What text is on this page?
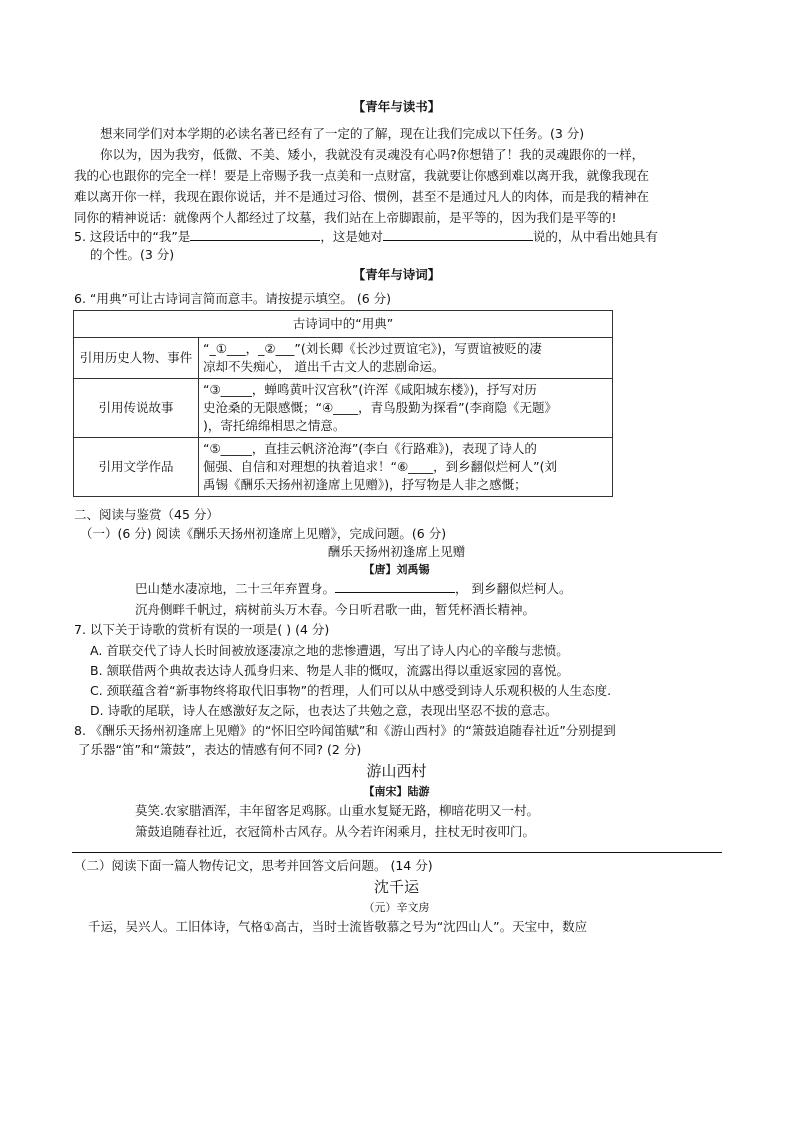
【青年与读书】
想来同学们对本学期的必读名著已经有了一定的了解，现在让我们完成以下任务。(3 分)
你以为，因为我穷，低微、不美、矮小，我就没有灵魂没有心吗?你想错了！我的灵魂跟你的一样，
我的心也跟你的完全一样！要是上帝赐予我一点美和一点财富，我就要让你感到难以离开我，就像我现在
难以离开你一样，我现在跟你说话，并不是通过习俗、惯例，甚至不是通过凡人的肉体，而是我的精神在
同你的精神说话：就像两个人都经过了坟墓，我们站在上帝脚跟前，是平等的，因为我们是平等的!
5. 这段话中的“我”是	，这是她对	说的，从中看出她具有
的个性。(3 分)
【青年与诗词】
6. “用典”可让古诗词言简而意丰。请按提示填空。 (6 分)
古诗词中的“用典”	
引用历史人物、事件	“_①___，_②___”(刘长卿《长沙过贾谊宅》)，写贾谊被贬的凄
凉却不失痴心， 道出千古文人的悲剧命运。

引用传说故事	“③_____，蝉鸣黄叶汉宫秋”(许浑《咸阳城东楼》)，抒写对历
史沧桑的无限感慨；“④____，青鸟殷勤为探看”(李商隐《无题》
)，寄托绵绵相思之情意。

引用文学作品	“⑤_____，直挂云帆济沧海”(李白《行路难》)，表现了诗人的
倔强、自信和对理想的执着追求！“⑥____，到乡翻似烂柯人”(刘
禹锡《酬乐天扬州初逢席上见赠》)，抒写物是人非之感慨；
二、阅读与鉴赏（45 分）
（一）(6 分) 阅读《酬乐天扬州初逢席上见赠》，完成问题。(6 分)
酬乐天扬州初逢席上见赠
【唐】刘禹锡
巴山楚水凄凉地，二十三年弃置身。	， 到乡翻似烂柯人。
沉舟侧畔千帆过，病树前头万木春。今日听君歌一曲，暂凭杯酒长精神。
7. 以下关于诗歌的赏析有误的一项是( ) (4 分)
A. 首联交代了诗人长时间被放逐凄凉之地的悲惨遭遇，写出了诗人内心的辛酸与悲愤。
B. 颔联借两个典故表达诗人孤身归来、物是人非的慨叹，流露出得以重返家园的喜悦。
C. 颈联蕴含着“新事物终将取代旧事物”的哲理，人们可以从中感受到诗人乐观积极的人生态度.
D. 诗歌的尾联，诗人在感激好友之际，也表达了共勉之意，表现出坚忍不拔的意志。
8. 《酬乐天扬州初逢席上见赠》的“怀旧空吟闻笛赋”和《游山西村》的“箫鼓追随春社近”分别提到
了乐器“笛”和“箫鼓”，表达的情感有何不同? (2 分)
游山西村
【南宋】陆游
莫笑.农家腊酒浑，丰年留客足鸡豚。山重水复疑无路，柳暗花明又一村。
箫鼓追随春社近，衣冠简朴古风存。从今若许闲乘月，拄杖无时夜叩门。
（二）阅读下面一篇人物传记文，思考并回答文后问题。 (14 分)
沈千运
（元）辛文房
千运，吴兴人。工旧体诗，气格①高古，当时士流皆敬慕之号为“沈四山人”。天宝中，数应
